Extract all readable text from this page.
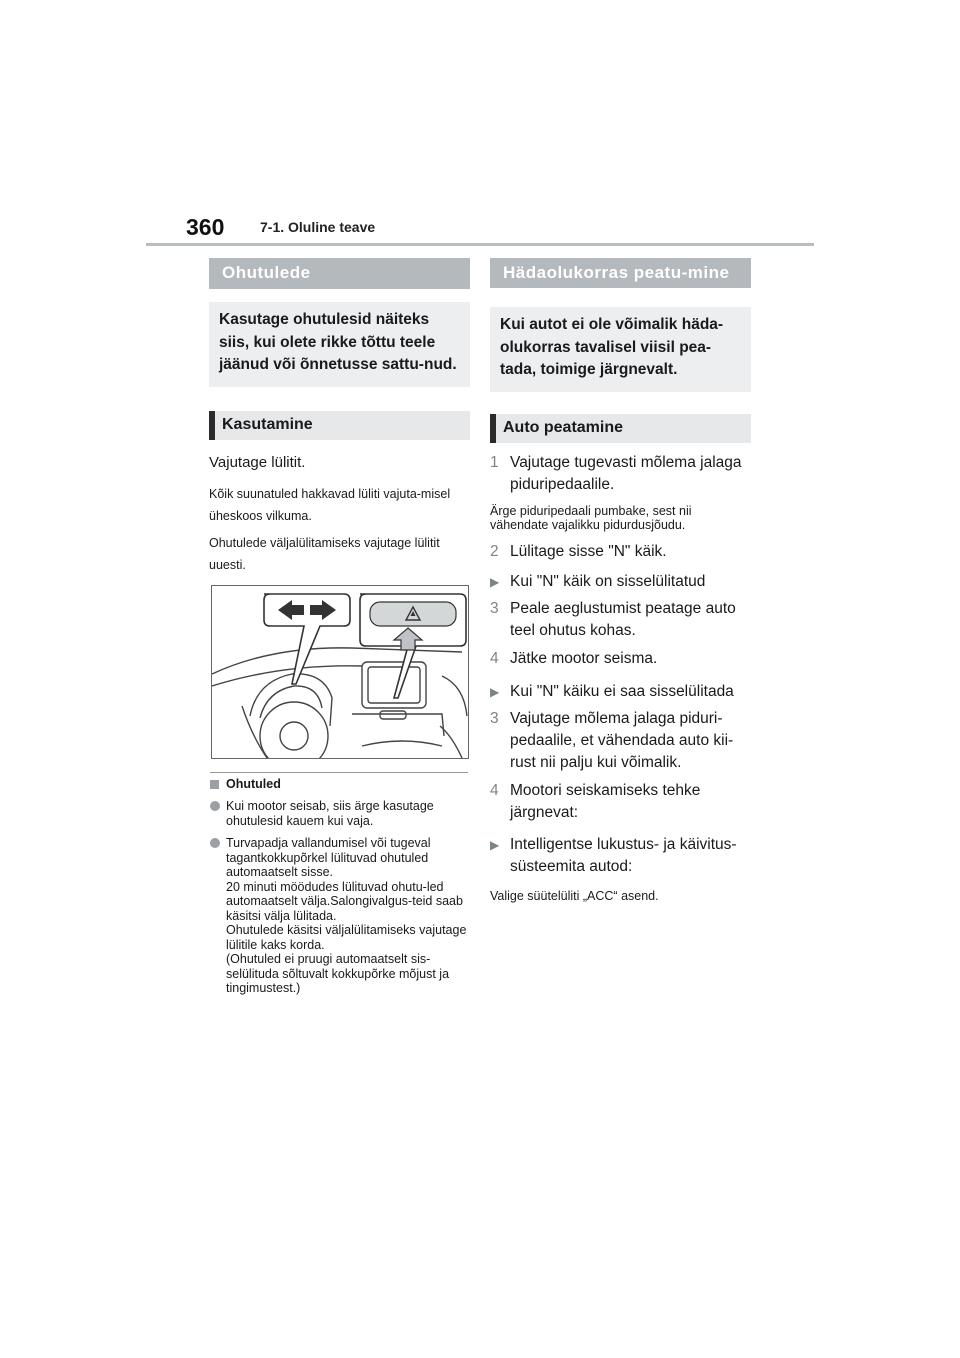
360	7-1. Oluline teave
Ohutulede
Kasutage ohutulesid näiteks siis, kui olete rikke tõttu teele jäänud või õnnetusse sattu-nud.
Kasutamine

Vajutage lülitit.

Kõik suunatuled hakkavad lüliti vajuta-misel üheskoos vilkuma.

Ohutulede väljalülitamiseks vajutage lülitit uuesti.

Ohutuled
Kui mootor seisab, siis ärge kasutage ohutulesid kauem kui vaja.
Turvapadja vallandumisel või tugeval tagantkokkupõrkel lülituvad ohutuled automaatselt sisse.
20 minuti möödudes lülituvad ohutu-led automaatselt välja.Salongivalgus-teid saab käsitsi välja lülitada.
Ohutulede käsitsi väljalülitamiseks vajutage lülitile kaks korda.
(Ohutuled ei pruugi automaatselt sis-selülituda sõltuvalt kokkupõrke mõjust ja tingimustest.)
Hädaolukorras peatu-mine
Kui autot ei ole võimalik häda-olukorras tavalisel viisil pea-tada, toimige järgnevalt.
Auto peatamine
1 Vajutage tugevasti mõlema jalaga piduripedaalile.

Ärge piduripedaali pumbake, sest nii vähendate vajalikku pidurdusjõudu.

2 Lülitage sisse "N" käik.
▶ Kui "N" käik on sisselülitatud
3 Peale aeglustumist peatage auto teel ohutus kohas.
4 Jätke mootor seisma.
▶ Kui "N" käiku ei saa sisselülitada
3 Vajutage mõlema jalaga piduri-pedaalile, et vähendada auto kii-rust nii palju kui võimalik.
4 Mootori seiskamiseks tehke järgnevat:
▶ Intelligentse lukustus- ja käivitus-süsteemita autod:

Valige süütelüliti „ACC“ asend.
